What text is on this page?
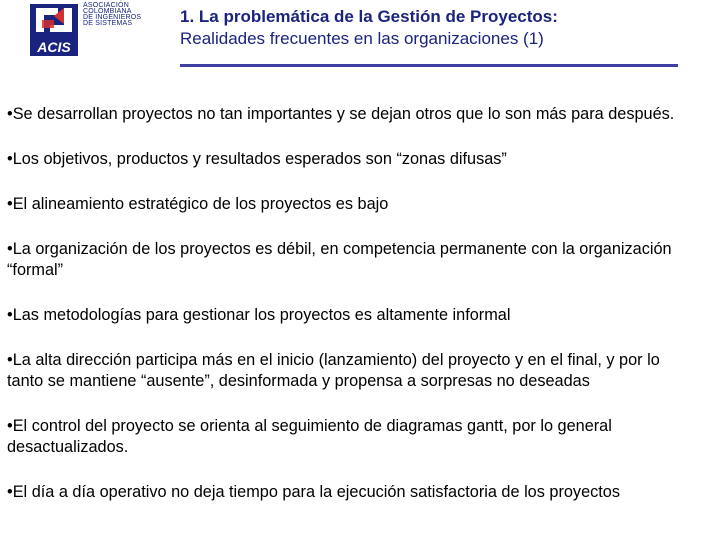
ACIS
ASOCIACIÓN
COLOMBIANA
DE INGENIEROS
DE SISTEMAS	1. La problemática de la Gestión de Proyectos:
Realidades frecuentes en las organizaciones (1)
•Se desarrollan proyectos no tan importantes y se dejan otros que lo son más para después.
•Los objetivos, productos y resultados esperados son “zonas difusas”
•El alineamiento estratégico de los proyectos es bajo
•La organización de los proyectos es débil, en competencia permanente con la organización “formal”
•Las metodologías para gestionar los proyectos es altamente informal
•La alta dirección participa más en el inicio (lanzamiento) del proyecto y en el final, y por lo tanto se mantiene “ausente”, desinformada y propensa a sorpresas no deseadas
•El control del proyecto se orienta al seguimiento de diagramas gantt, por lo general desactualizados.
•El día a día operativo no deja tiempo para la ejecución satisfactoria de los proyectos
